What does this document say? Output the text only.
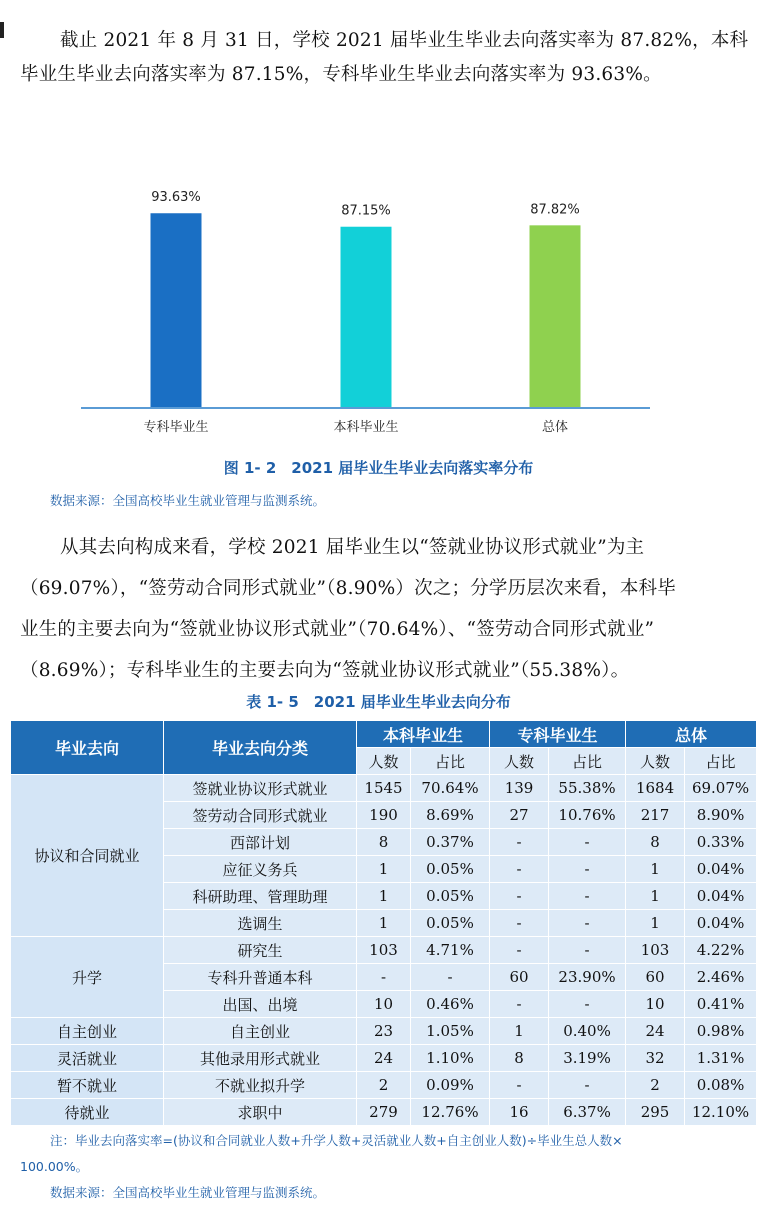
截止 2021 年 8 月 31 日，学校 2021 届毕业生毕业去向落实率为 87.82%，本科
毕业生毕业去向落实率为 87.15%，专科毕业生毕业去向落实率为 93.63%。
93.63%
专科毕业生
87.15%
本科毕业生
87.82%
总体
图 1- 2　2021 届毕业生毕业去向落实率分布
数据来源：全国高校毕业生就业管理与监测系统。
从其去向构成来看，学校 2021 届毕业生以“签就业协议形式就业”为主
（69.07%），“签劳动合同形式就业”（8.90%）次之；分学历层次来看，本科毕
业生的主要去向为“签就业协议形式就业”（70.64%）、“签劳动合同形式就业”
（8.69%）；专科毕业生的主要去向为“签就业协议形式就业”（55.38%）。
表 1- 5　2021 届毕业生毕业去向分布
毕业去向	毕业去向分类	本科毕业生		专科毕业生		总体	
		人数	占比	人数	占比	人数	占比
协议和合同就业	签就业协议形式就业	1545	70.64%	139	55.38%	1684	69.07%
	签劳动合同形式就业	190	8.69%	27	10.76%	217	8.90%
	西部计划	8	0.37%	-	-	8	0.33%
	应征义务兵	1	0.05%	-	-	1	0.04%
	科研助理、管理助理	1	0.05%	-	-	1	0.04%
	选调生	1	0.05%	-	-	1	0.04%
升学	研究生	103	4.71%	-	-	103	4.22%
	专科升普通本科	-	-	60	23.90%	60	2.46%
	出国、出境	10	0.46%	-	-	10	0.41%
自主创业	自主创业	23	1.05%	1	0.40%	24	0.98%
灵活就业	其他录用形式就业	24	1.10%	8	3.19%	32	1.31%
暂不就业	不就业拟升学	2	0.09%	-	-	2	0.08%
待就业	求职中	279	12.76%	16	6.37%	295	12.10%
注：毕业去向落实率=(协议和合同就业人数+升学人数+灵活就业人数+自主创业人数)÷毕业生总人数×
100.00%。
数据来源：全国高校毕业生就业管理与监测系统。
